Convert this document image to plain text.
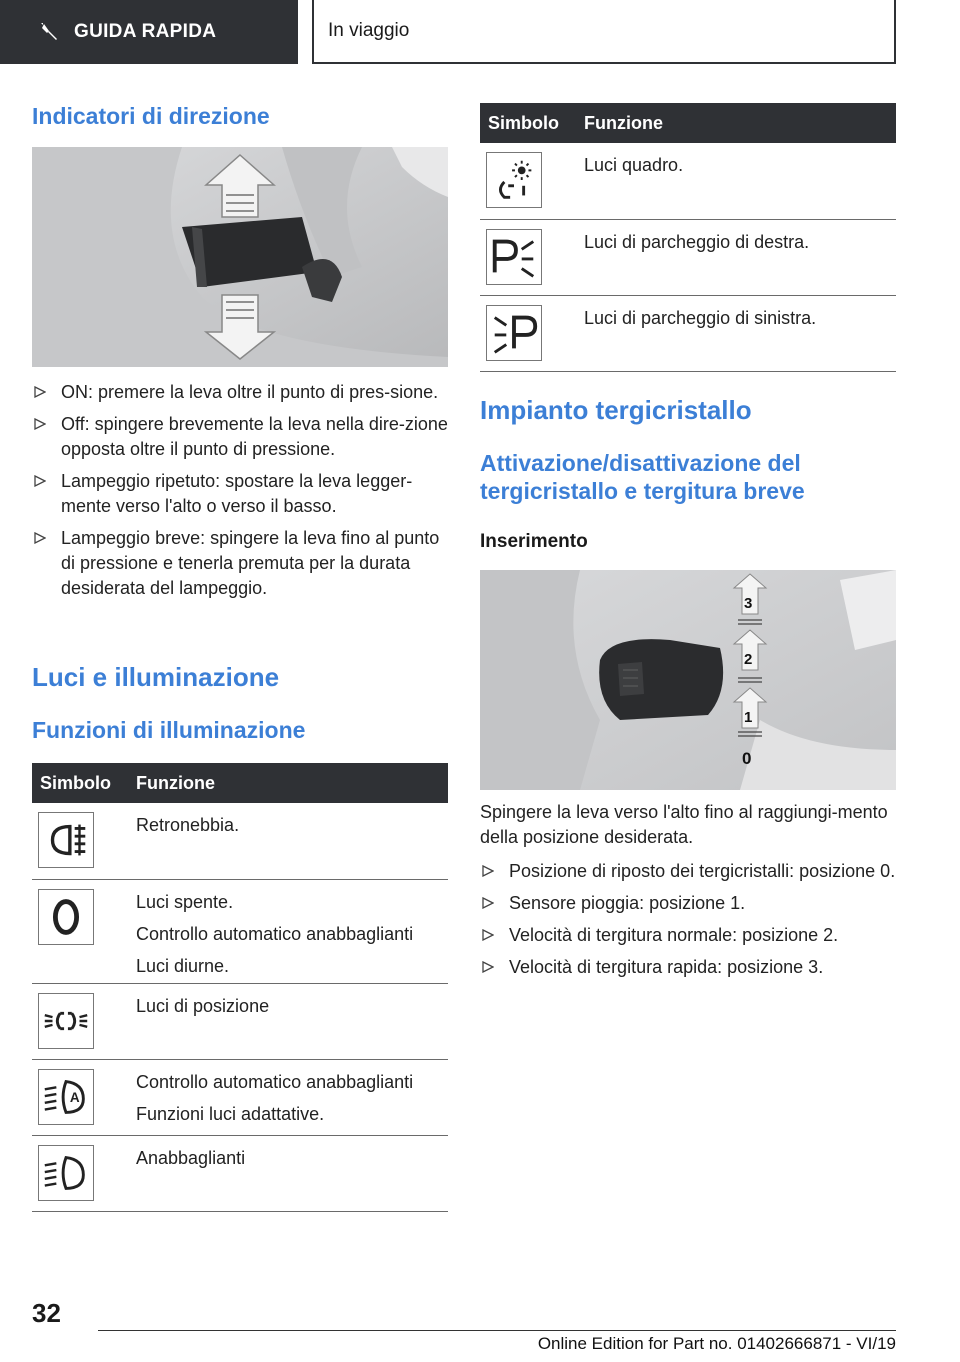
GUIDA RAPIDA	In viaggio
Indicatori di direzione
ON: premere la leva oltre il punto di pres-sione.
Off: spingere brevemente la leva nella dire-zione opposta oltre il punto di pressione.
Lampeggio ripetuto: spostare la leva legger-mente verso l'alto o verso il basso.
Lampeggio breve: spingere la leva fino al punto di pressione e tenerla premuta per la durata desiderata del lampeggio.
Luci e illuminazione
Funzioni di illuminazione
Simbolo	Funzione

Retronebbia.

Luci spente.
Controllo automatico anabbaglianti
Luci diurne.

Luci di posizione

A	Controllo automatico anabbaglianti
Funzioni luci adattative.

Anabbaglianti
Simbolo	Funzione

Luci quadro.

Luci di parcheggio di destra.

Luci di parcheggio di sinistra.
Impianto tergicristallo
Attivazione/disattivazione del
tergicristallo e tergitura breve
Inserimento
3
2
1
0

Spingere la leva verso l'alto fino al raggiungi-mento della posizione desiderata.

Posizione di riposto dei tergicristalli: posizione 0.
Sensore pioggia: posizione 1.
Velocità di tergitura normale: posizione 2.
Velocità di tergitura rapida: posizione 3.
32
Online Edition for Part no. 01402666871 - VI/19
